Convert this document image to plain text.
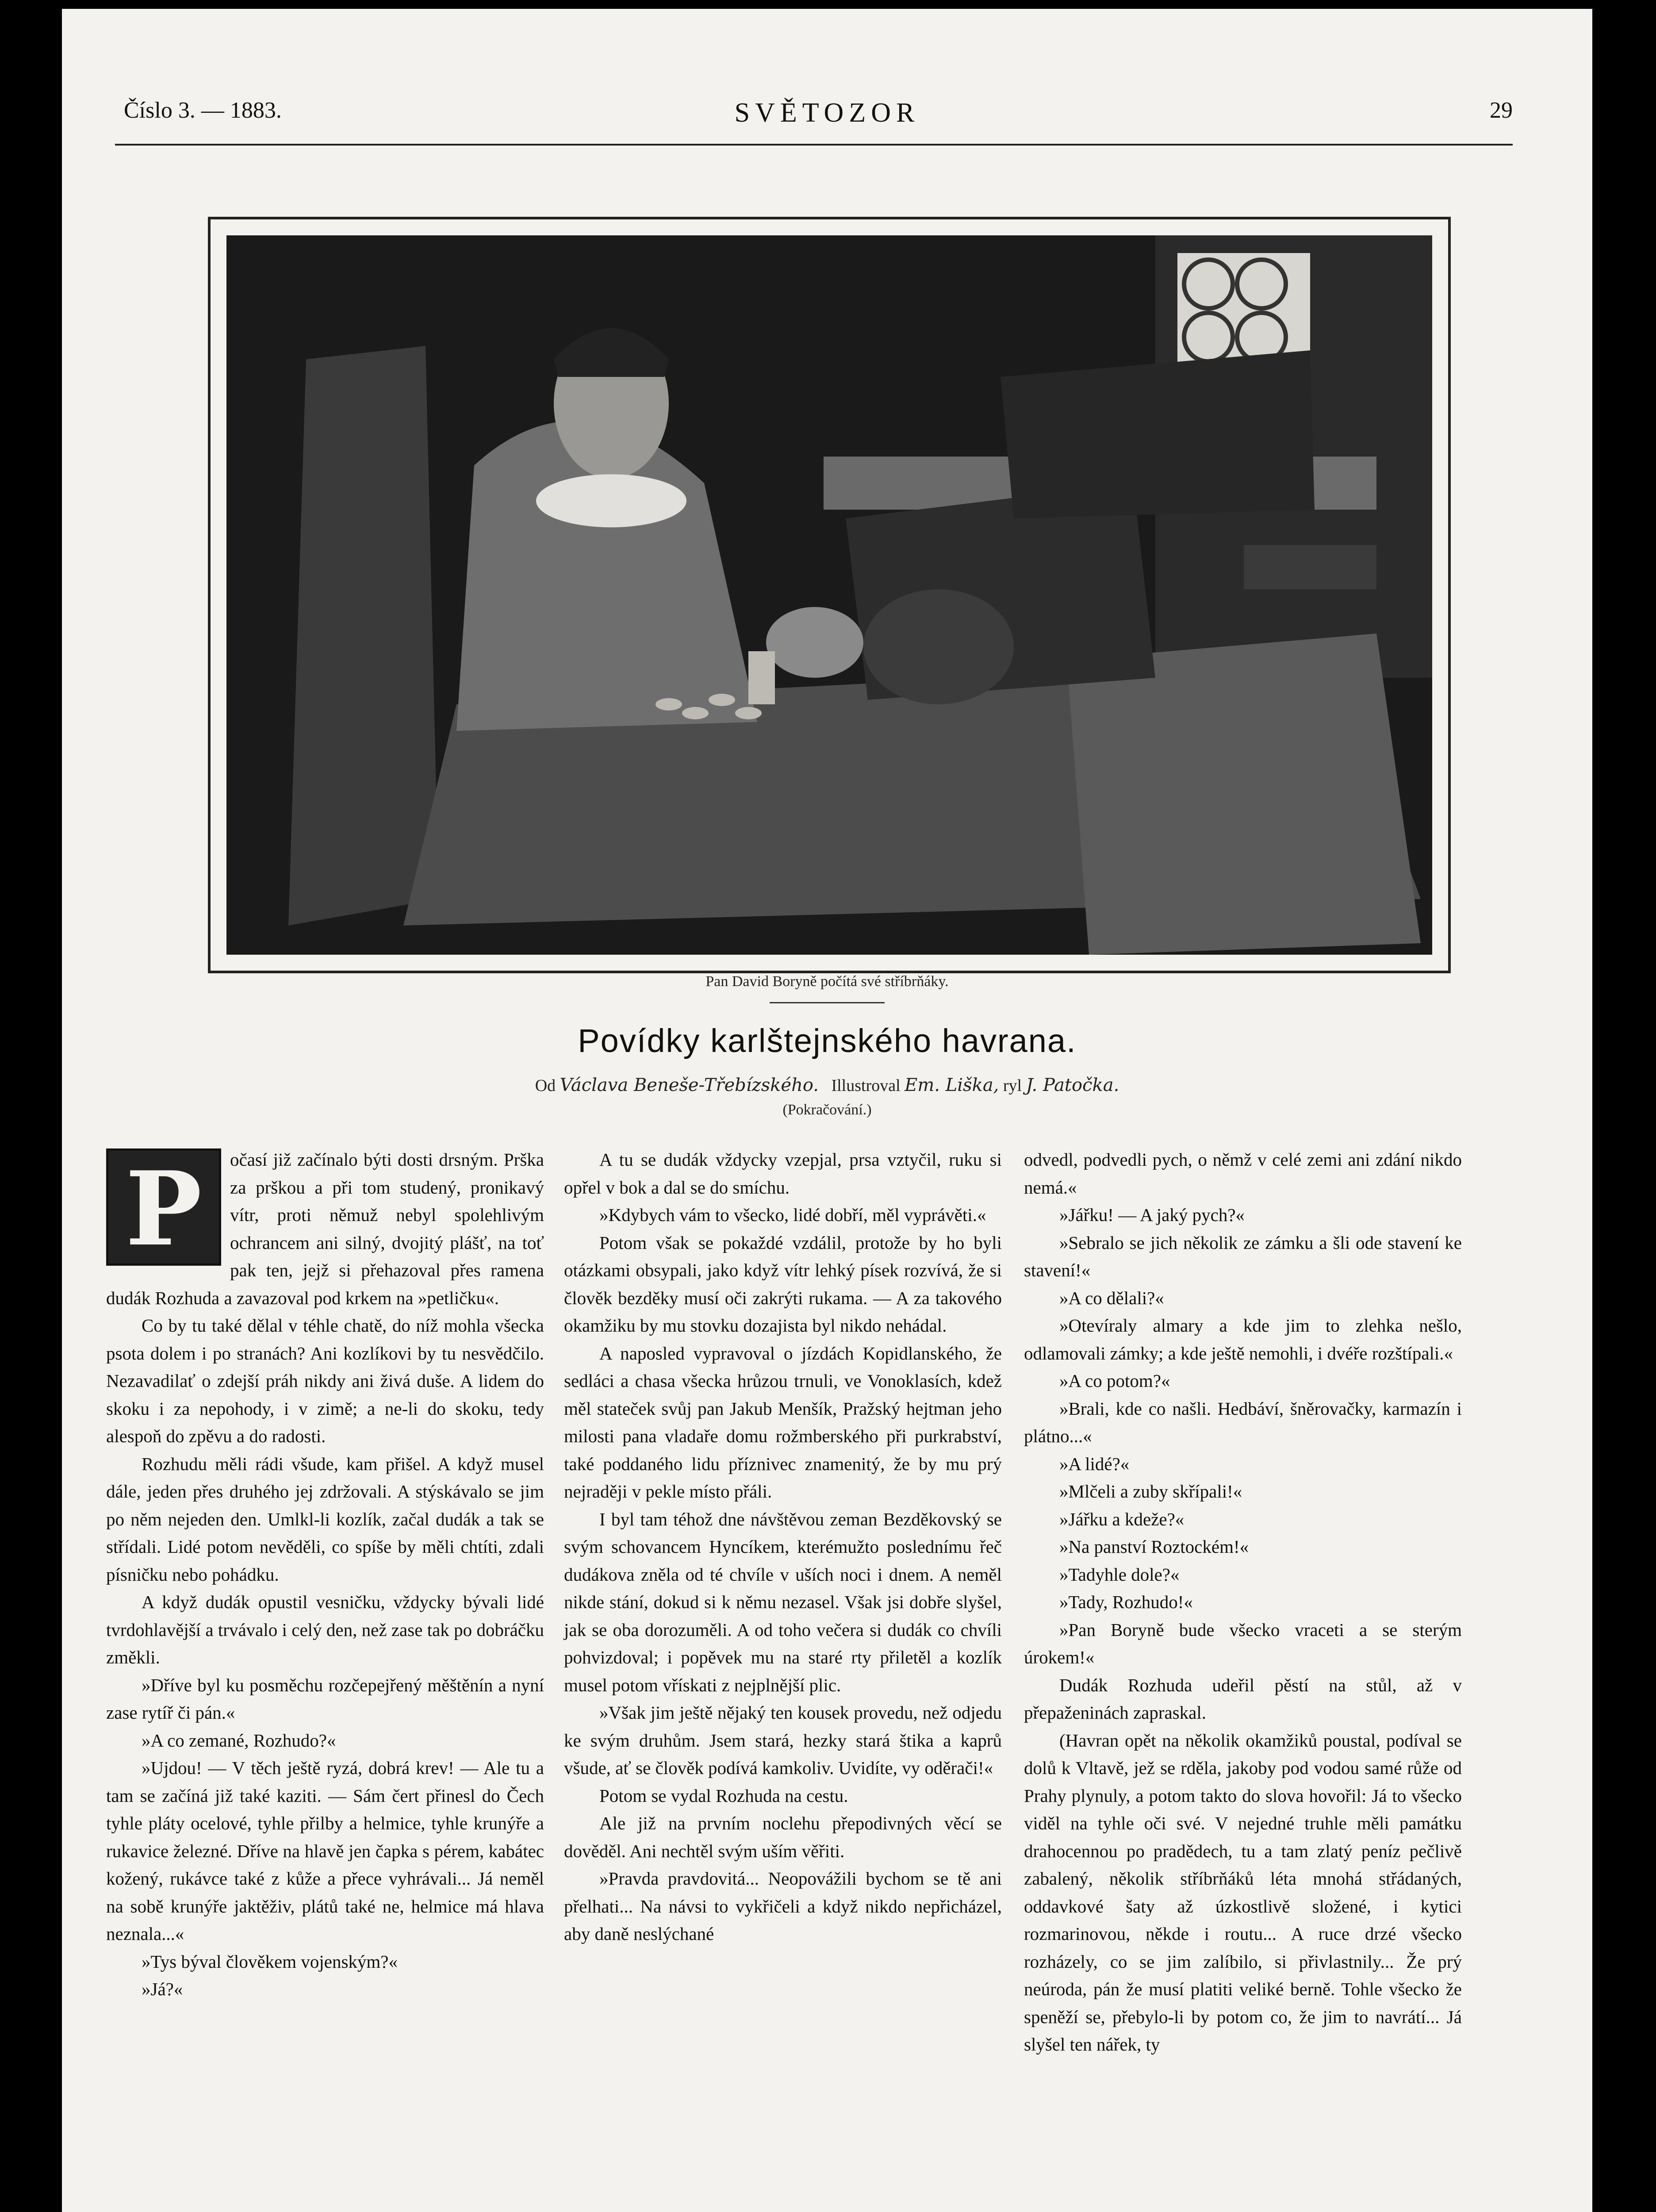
Číslo 3. — 1883.	SVĚTOZOR	29
Pan David Boryně počítá své stříbrňáky.
Povídky karlštejnského havrana.
Od Václava Beneše-Třebízského. Illustroval Em. Liška, ryl J. Patočka.
(Pokračování.)
P	očasí již začínalo býti dosti drsným. Prška za prškou a při tom studený, pronikavý vítr, proti němuž nebyl spolehlivým ochrancem ani silný, dvojitý plášť, na toť pak ten, jejž si přehazoval přes ramena dudák Rozhuda a zavazoval pod krkem na »petličku«.

Co by tu také dělal v téhle chatě, do níž mohla všecka psota dolem i po stranách? Ani kozlíkovi by tu nesvědčilo. Nezavadilať o zdejší práh nikdy ani živá duše. A lidem do skoku i za nepohody, i v zimě; a ne-li do skoku, tedy alespoň do zpěvu a do radosti.

Rozhudu měli rádi všude, kam přišel. A když musel dále, jeden přes druhého jej zdržovali. A stýskávalo se jim po něm nejeden den. Umlkl-li kozlík, začal dudák a tak se střídali. Lidé potom nevěděli, co spíše by měli chtíti, zdali písničku nebo pohádku.

A když dudák opustil vesničku, vždycky bývali lidé tvrdohlavější a trvávalo i celý den, než zase tak po dobráčku změkli.

»Dříve byl ku posměchu rozčepejřený měštěnín a nyní zase rytíř či pán.«

»A co zemané, Rozhudo?«

»Ujdou! — V těch ještě ryzá, dobrá krev! — Ale tu a tam se začíná již také kaziti. — Sám čert přinesl do Čech tyhle pláty ocelové, tyhle přilby a helmice, tyhle krunýře a rukavice železné. Dříve na hlavě jen čapka s pérem, kabátec kožený, rukávce také z kůže a přece vyhrávali... Já neměl na sobě krunýře jaktěživ, plátů také ne, helmice má hlava neznala...«

»Tys býval člověkem vojenským?«

»Já?«

A tu se dudák vždycky vzepjal, prsa vztyčil, ruku si opřel v bok a dal se do smíchu.

»Kdybych vám to všecko, lidé dobří, měl vyprávěti.«

Potom však se pokaždé vzdálil, protože by ho byli otázkami obsypali, jako když vítr lehký písek rozvívá, že si člověk bezděky musí oči zakrýti rukama. — A za takového okamžiku by mu stovku dozajista byl nikdo nehádal.

A naposled vypravoval o jízdách Kopidlanského, že sedláci a chasa všecka hrůzou trnuli, ve Vonoklasích, kdež měl stateček svůj pan Jakub Menšík, Pražský hejtman jeho milosti pana vladaře domu rožmberského při purkrabství, také poddaného lidu příznivec znamenitý, že by mu prý nejraději v pekle místo přáli.

I byl tam téhož dne návštěvou zeman Bezděkovský se svým schovancem Hyncíkem, kterémužto poslednímu řeč dudákova zněla od té chvíle v uších noci i dnem. A neměl nikde stání, dokud si k němu nezasel. Však jsi dobře slyšel, jak se oba dorozuměli. A od toho večera si dudák co chvíli pohvizdoval; i popěvek mu na staré rty přiletěl a kozlík musel potom vřískati z nejplnější plic.

»Však jim ještě nějaký ten kousek provedu, než odjedu ke svým druhům. Jsem stará, hezky stará štika a kaprů všude, ať se člověk podívá kamkoliv. Uvidíte, vy oděrači!«

Potom se vydal Rozhuda na cestu.

Ale již na prvním noclehu přepodivných věcí se dověděl. Ani nechtěl svým uším věřiti.

»Pravda pravdovitá... Neopovážili bychom se tě ani přelhati... Na návsi to vykřičeli a když nikdo nepřicházel, aby daně neslýchané

odvedl, podvedli pych, o němž v celé zemi ani zdání nikdo nemá.«

»Jářku! — A jaký pych?«

»Sebralo se jich několik ze zámku a šli ode stavení ke stavení!«

»A co dělali?«

»Otevíraly almary a kde jim to zlehka nešlo, odlamovali zámky; a kde ještě nemohli, i dvéře rozštípali.«

»A co potom?«

»Brali, kde co našli. Hedbáví, šněrovačky, karmazín i plátno...«

»A lidé?«

»Mlčeli a zuby skřípali!«

»Jářku a kdeže?«

»Na panství Roztockém!«

»Tadyhle dole?«

»Tady, Rozhudo!«

»Pan Boryně bude všecko vraceti a se sterým úrokem!«

Dudák Rozhuda udeřil pěstí na stůl, až v přepaženinách zapraskal.

(Havran opět na několik okamžiků poustal, podíval se dolů k Vltavě, jež se rděla, jakoby pod vodou samé růže od Prahy plynuly, a potom takto do slova hovořil: Já to všecko viděl na tyhle oči své. V nejedné truhle měli památku drahocennou po pradědech, tu a tam zlatý peníz pečlivě zabalený, několik stříbrňáků léta mnohá střádaných, oddavkové šaty až úzkostlivě složené, i kytici rozmarinovou, někde i routu... A ruce drzé všecko rozházely, co se jim zalíbilo, si přivlastnily... Že prý neúroda, pán že musí platiti veliké berně. Tohle všecko že speněží se, přebylo-li by potom co, že jim to navrátí... Já slyšel ten nářek, ty
